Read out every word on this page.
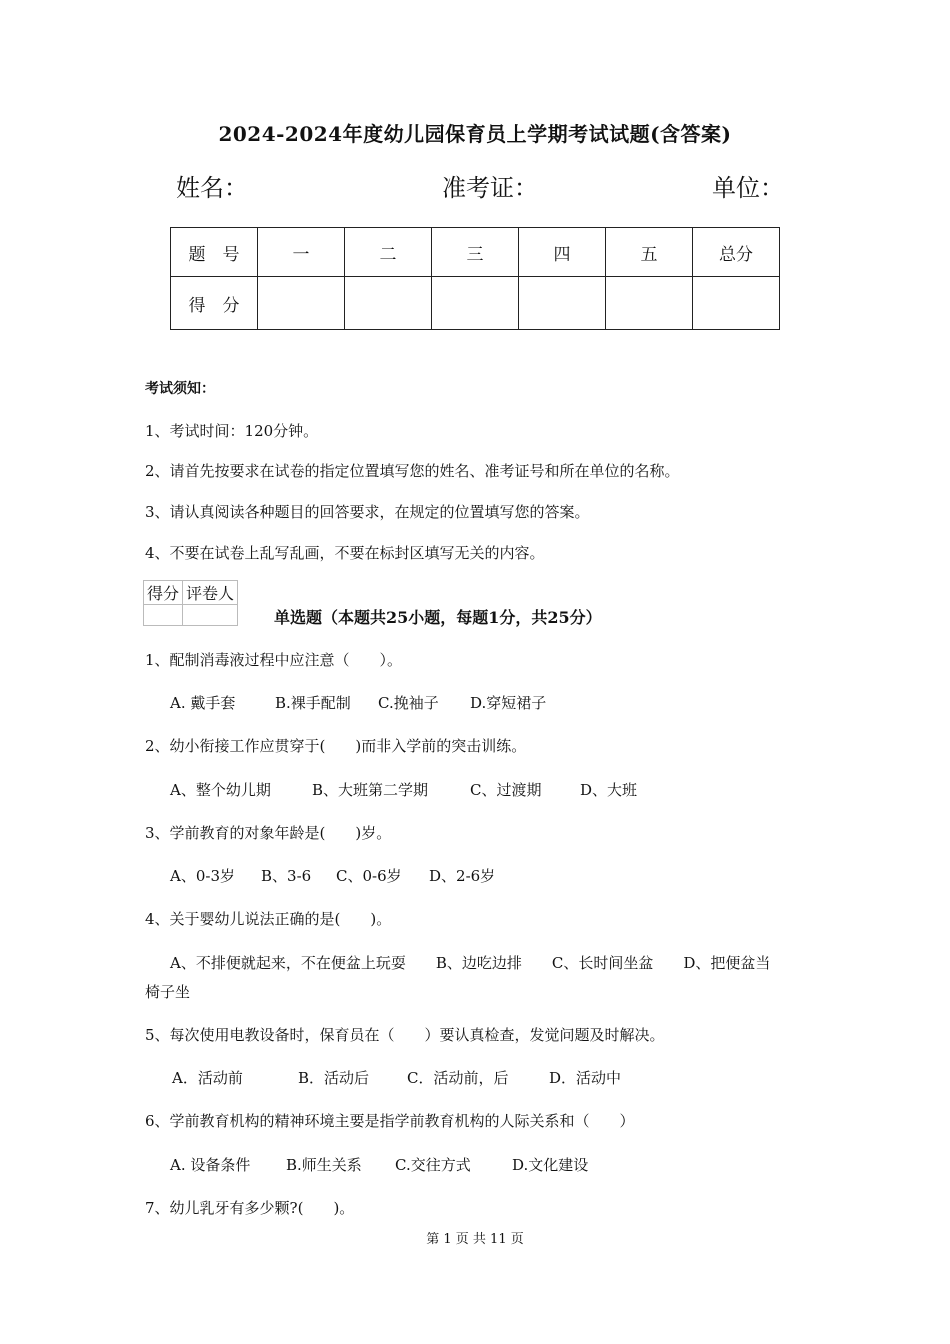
2024-2024年度幼儿园保育员上学期考试试题(含答案)
姓名：	准考证：	单位：
题　号	一	二	三	四	五	总分
得　分						
考试须知：
1、考试时间：120分钟。
2、请首先按要求在试卷的指定位置填写您的姓名、准考证号和所在单位的名称。
3、请认真阅读各种题目的回答要求，在规定的位置填写您的答案。
4、不要在试卷上乱写乱画，不要在标封区填写无关的内容。
得分	评卷人

单选题（本题共25小题，每题1分，共25分）
1、配制消毒液过程中应注意（　　）。
A. 戴手套	B.裸手配制 C.挽袖子 D.穿短裙子
2、幼小衔接工作应贯穿于(　　)而非入学前的突击训练。
A、整个幼儿期	B、大班第二学期	C、过渡期	D、大班
3、学前教育的对象年龄是(　　)岁。
A、0-3岁 B、3-6 C、0-6岁 D、2-6岁
4、关于婴幼儿说法正确的是(　　)。
A、不排便就起来，不在便盆上玩耍　　B、边吃边排　　C、长时间坐盆　　D、把便盆当
椅子坐
5、每次使用电教设备时，保育员在（　　）要认真检查，发觉问题及时解决。
A．活动前	B．活动后	C．活动前，后	D．活动中
6、学前教育机构的精神环境主要是指学前教育机构的人际关系和（　　）
A. 设备条件 B.师生关系 C.交往方式	D.文化建设
7、幼儿乳牙有多少颗?(　　)。
第 1 页 共 11 页
